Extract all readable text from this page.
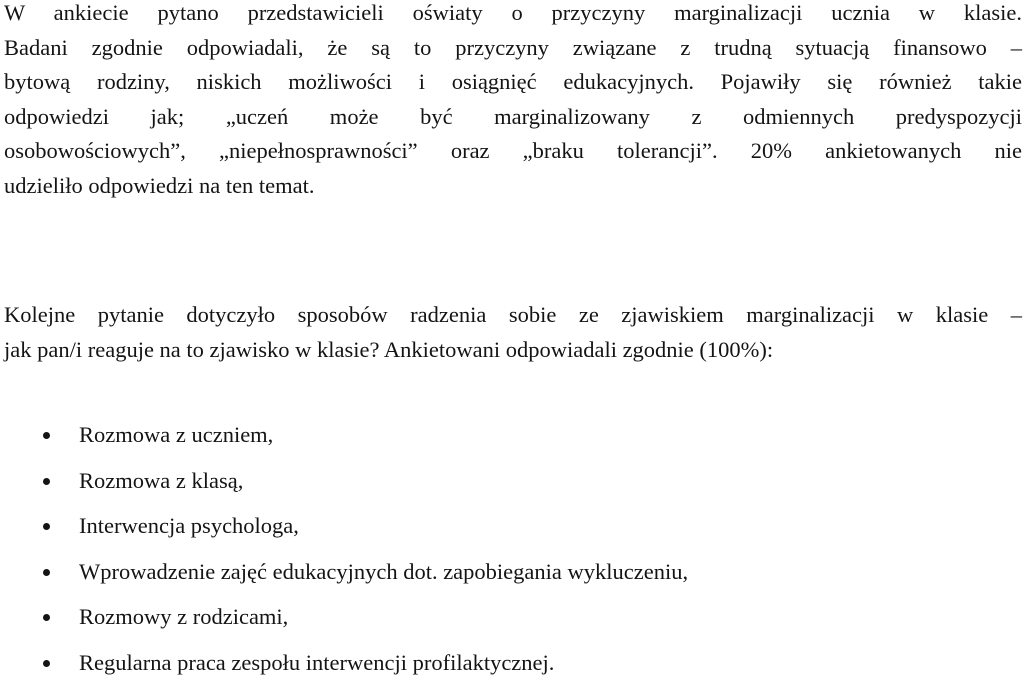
W ankiecie pytano przedstawicieli oświaty o przyczyny marginalizacji ucznia w klasie.
Badani zgodnie odpowiadali, że są to przyczyny związane z trudną sytuacją finansowo –
bytową rodziny, niskich możliwości i osiągnięć edukacyjnych. Pojawiły się również takie
odpowiedzi jak; „uczeń może być marginalizowany z odmiennych predyspozycji
osobowościowych”, „niepełnosprawności” oraz „braku tolerancji”. 20% ankietowanych nie
udzieliło odpowiedzi na ten temat.

Kolejne pytanie dotyczyło sposobów radzenia sobie ze zjawiskiem marginalizacji w klasie –
jak pan/i reaguje na to zjawisko w klasie? Ankietowani odpowiadali zgodnie (100%):

Rozmowa z uczniem,
Rozmowa z klasą,
Interwencja psychologa,
Wprowadzenie zajęć edukacyjnych dot. zapobiegania wykluczeniu,
Rozmowy z rodzicami,
Regularna praca zespołu interwencji profilaktycznej.
